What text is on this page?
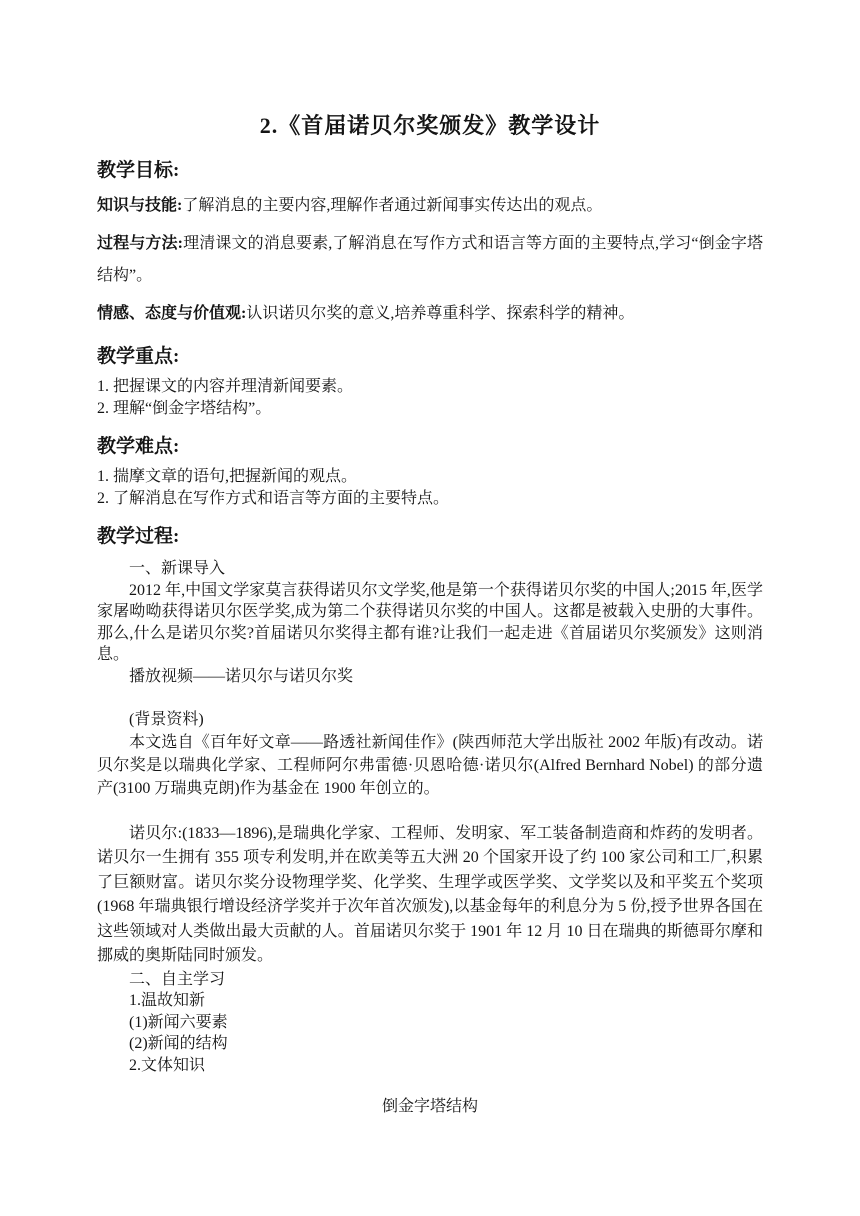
2.《首届诺贝尔奖颁发》教学设计
教学目标:

知识与技能:了解消息的主要内容,理解作者通过新闻事实传达出的观点。

过程与方法:理清课文的消息要素,了解消息在写作方式和语言等方面的主要特点,学习“倒金字塔结构”。

情感、态度与价值观:认识诺贝尔奖的意义,培养尊重科学、探索科学的精神。

教学重点:

1. 把握课文的内容并理清新闻要素。

2. 理解“倒金字塔结构”。

教学难点:

1. 揣摩文章的语句,把握新闻的观点。

2. 了解消息在写作方式和语言等方面的主要特点。

教学过程:

一、新课导入

2012 年,中国文学家莫言获得诺贝尔文学奖,他是第一个获得诺贝尔奖的中国人;2015 年,医学家屠呦呦获得诺贝尔医学奖,成为第二个获得诺贝尔奖的中国人。这都是被载入史册的大事件。那么,什么是诺贝尔奖?首届诺贝尔奖得主都有谁?让我们一起走进《首届诺贝尔奖颁发》这则消息。

播放视频——诺贝尔与诺贝尔奖

(背景资料)

本文选自《百年好文章——路透社新闻佳作》(陕西师范大学出版社 2002 年版)有改动。诺贝尔奖是以瑞典化学家、工程师阿尔弗雷德·贝恩哈德·诺贝尔(Alfred Bernhard Nobel) 的部分遗产(3100 万瑞典克朗)作为基金在 1900 年创立的。

诺贝尔:(1833—1896),是瑞典化学家、工程师、发明家、军工装备制造商和炸药的发明者。诺贝尔一生拥有 355 项专利发明,并在欧美等五大洲 20 个国家开设了约 100 家公司和工厂,积累了巨额财富。诺贝尔奖分设物理学奖、化学奖、生理学或医学奖、文学奖以及和平奖五个奖项(1968 年瑞典银行增设经济学奖并于次年首次颁发),以基金每年的利息分为 5 份,授予世界各国在这些领域对人类做出最大贡献的人。首届诺贝尔奖于 1901 年 12 月 10 日在瑞典的斯德哥尔摩和挪威的奥斯陆同时颁发。

二、自主学习

1.温故知新

(1)新闻六要素

(2)新闻的结构

2.文体知识

倒金字塔结构
